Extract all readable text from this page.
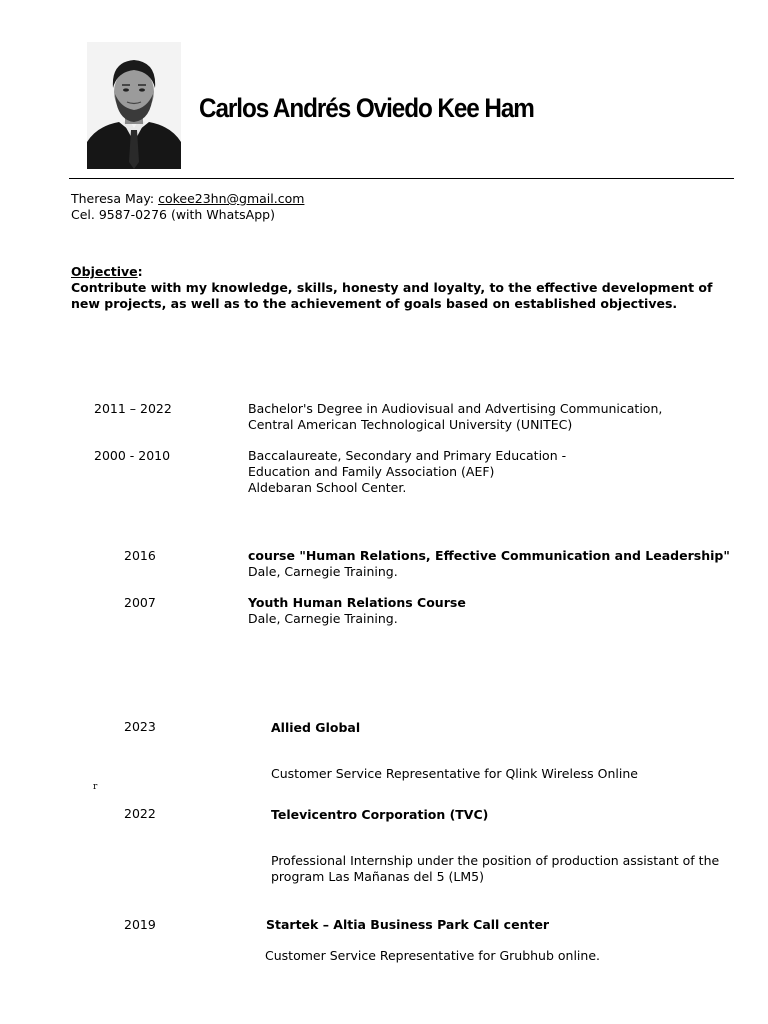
Carlos Andrés Oviedo Kee Ham
Theresa May: cokee23hn@gmail.com
Cel. 9587-0276 (with WhatsApp)
Objective:
Contribute with my knowledge, skills, honesty and loyalty, to the effective development of
new projects, as well as to the achievement of goals based on established objectives.
2011 – 2022	Bachelor's Degree in Audiovisual and Advertising Communication,
Central American Technological University (UNITEC)
2000 - 2010	Baccalaureate, Secondary and Primary Education -
Education and Family Association (AEF)
Aldebaran School Center.
2016	course "Human Relations, Effective Communication and Leadership"
Dale, Carnegie Training.
2007	Youth Human Relations Course
Dale, Carnegie Training.
2023	Allied Global
Customer Service Representative for Qlink Wireless Online
r
2022	Televicentro Corporation (TVC)
Professional Internship under the position of production assistant of the
program Las Mañanas del 5 (LM5)
2019	Startek – Altia Business Park Call center
Customer Service Representative for Grubhub online.
